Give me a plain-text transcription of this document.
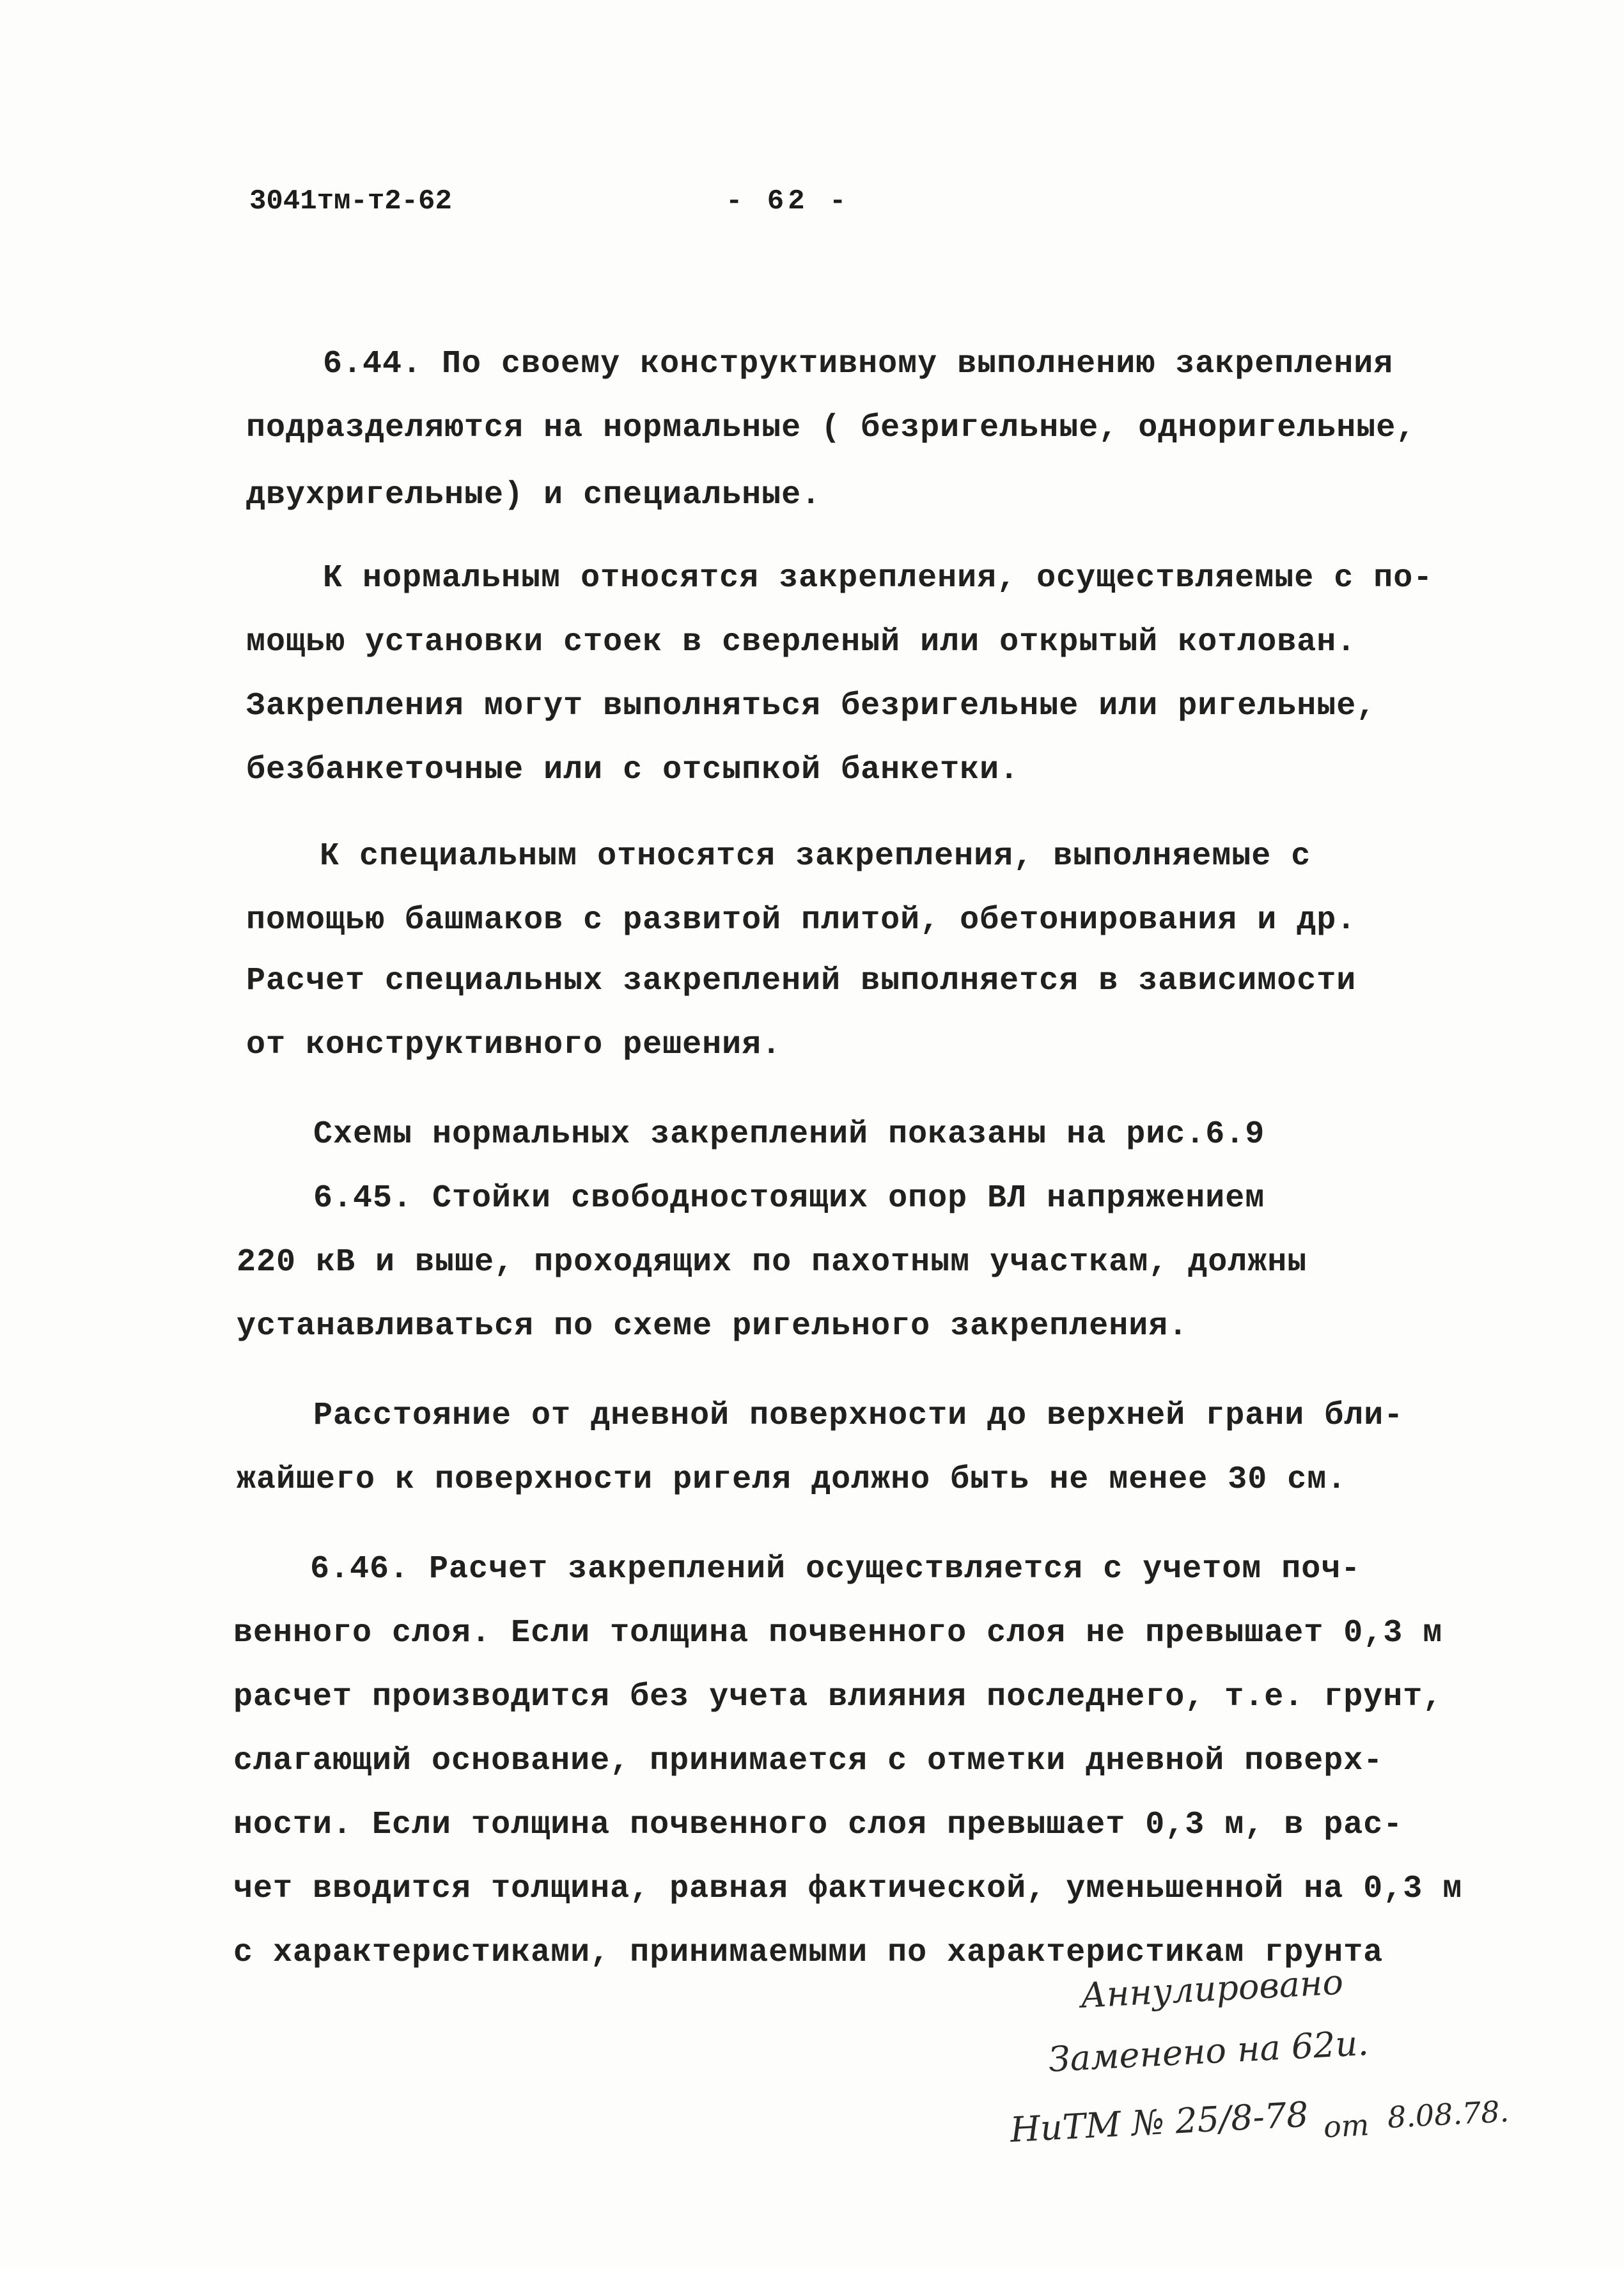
3041тм-т2-62	- 62 -
6.44. По своему конструктивному выполнению закрепления
подразделяются на нормальные ( безригельные, одноригельные,
двухригельные) и специальные.
К нормальным относятся закрепления, осуществляемые с по-
мощью установки стоек в сверленый или открытый котлован.
Закрепления могут выполняться безригельные или ригельные,
безбанкеточные или с отсыпкой банкетки.
К специальным относятся закрепления, выполняемые с
помощью башмаков с развитой плитой, обетонирования и др.
Расчет специальных закреплений выполняется в зависимости
от конструктивного решения.
Схемы нормальных закреплений показаны на рис.6.9
6.45. Стойки свободностоящих опор ВЛ напряжением
220 кВ и выше, проходящих по пахотным участкам, должны
устанавливаться по схеме ригельного закрепления.
Расстояние от дневной поверхности до верхней грани бли-
жайшего к поверхности ригеля должно быть не менее 30 см.
6.46. Расчет закреплений осуществляется с учетом поч-
венного слоя. Если толщина почвенного слоя не превышает 0,3 м
расчет производится без учета влияния последнего, т.е. грунт,
слагающий основание, принимается с отметки дневной поверх-
ности. Если толщина почвенного слоя превышает 0,3 м, в рас-
чет вводится толщина, равная фактической, уменьшенной на 0,3 м
с характеристиками, принимаемыми по характеристикам грунта
Аннулировано
Заменено на 62и.
НиТМ № 25/8-78 от 8.08.78.
